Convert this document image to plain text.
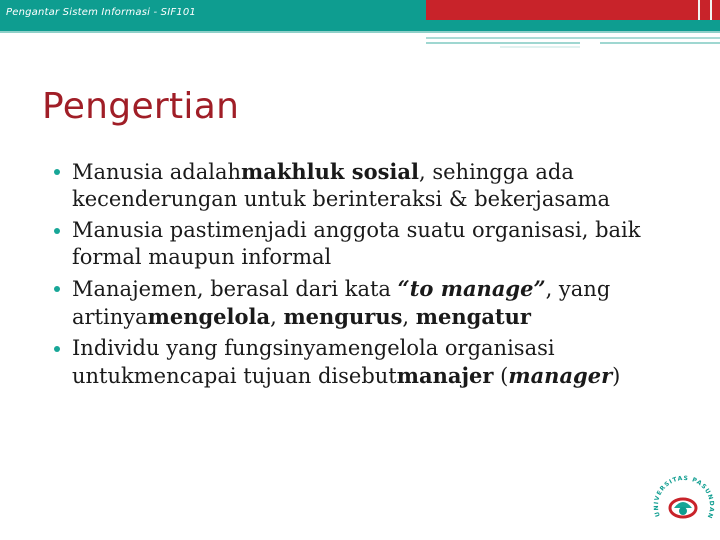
Pengantar Sistem Informasi - SIF101
Pengertian
Manusia adalahmakhluk sosial, sehingga ada kecenderungan untuk berinteraksi & bekerjasama
Manusia pastimenjadi anggota suatu organisasi, baik formal maupun informal
Manajemen, berasal dari kata “to manage”, yang artinyamengelola, mengurus, mengatur
Individu yang fungsinyamengelola organisasi untukmencapai tujuan disebutmanajer (manager)
UNIVERSITAS PASUNDAN
